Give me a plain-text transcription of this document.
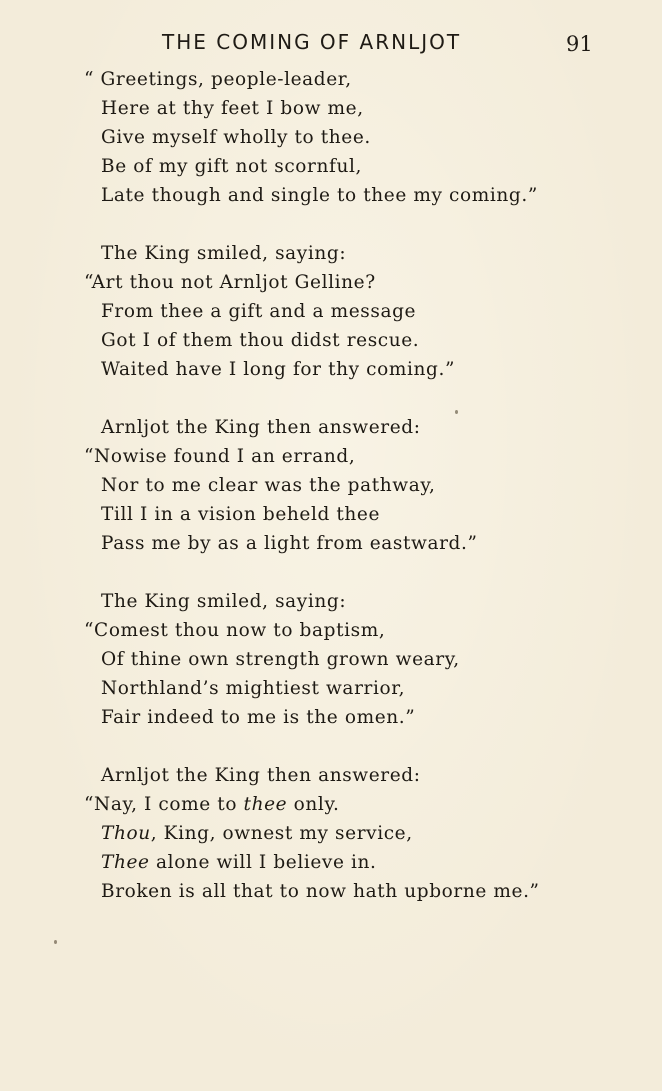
THE COMING OF ARNLJOT	91
“ Greetings, people-leader,
Here at thy feet I bow me,
Give myself wholly to thee.
Be of my gift not scornful,
Late though and single to thee my coming.”
The King smiled, saying:
“Art thou not Arnljot Gelline?
From thee a gift and a message
Got I of them thou didst rescue.
Waited have I long for thy coming.”
Arnljot the King then answered:
“Nowise found I an errand,
Nor to me clear was the pathway,
Till I in a vision beheld thee
Pass me by as a light from eastward.”
The King smiled, saying:
“Comest thou now to baptism,
Of thine own strength grown weary,
Northland’s mightiest warrior,
Fair indeed to me is the omen.”
Arnljot the King then answered:
“Nay, I come to thee only.
Thou, King, ownest my service,
Thee alone will I believe in.
Broken is all that to now hath upborne me.”
